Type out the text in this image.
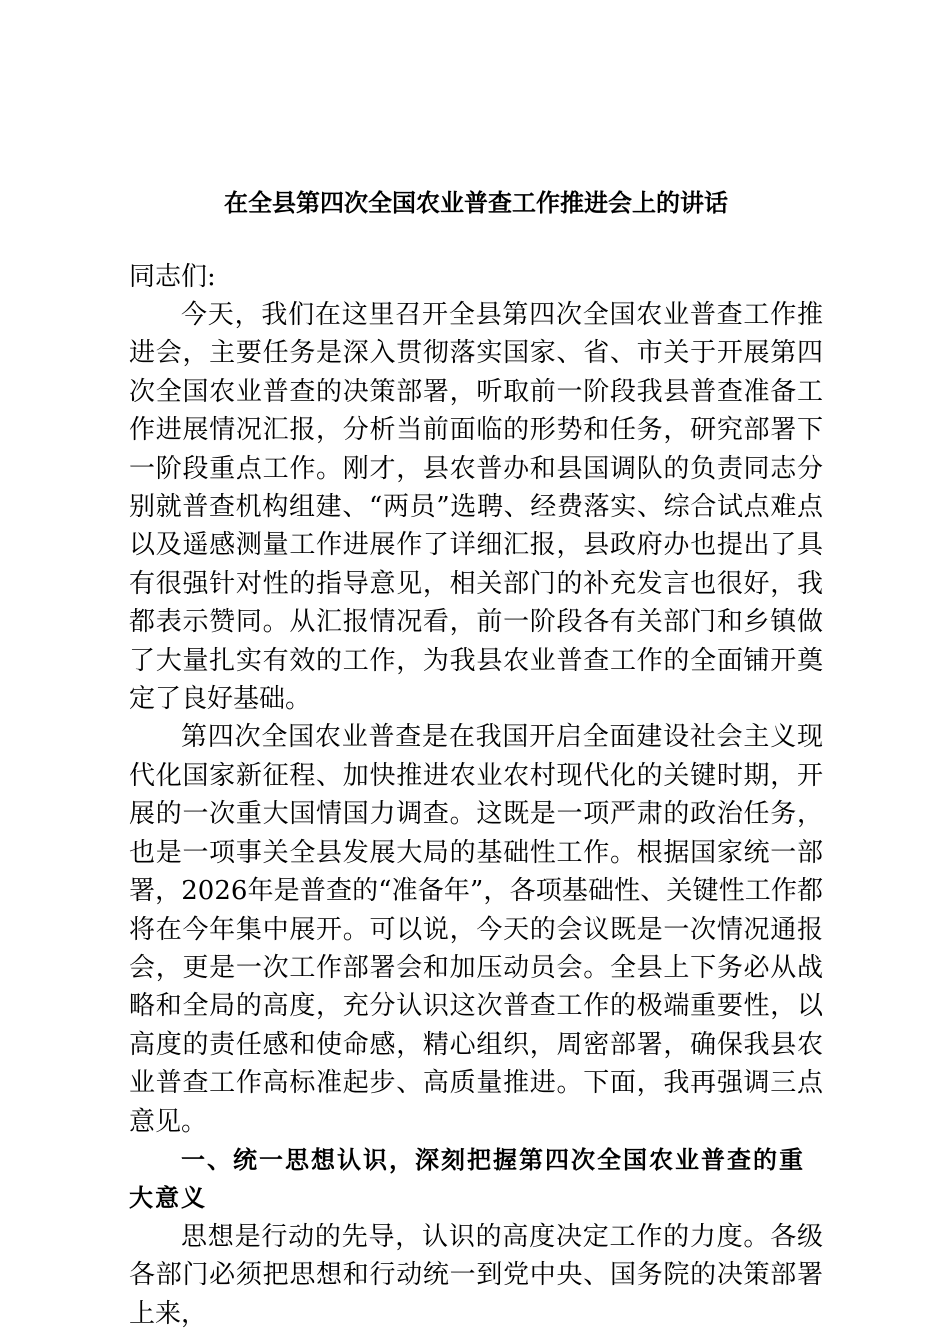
在全县第四次全国农业普查工作推进会上的讲话

同志们:

今天，我们在这里召开全县第四次全国农业普查工作推进会，主要任务是深入贯彻落实国家、省、市关于开展第四次全国农业普查的决策部署，听取前一阶段我县普查准备工作进展情况汇报，分析当前面临的形势和任务，研究部署下一阶段重点工作。刚才，县农普办和县国调队的负责同志分别就普查机构组建、“两员”选聘、经费落实、综合试点难点以及遥感测量工作进展作了详细汇报，县政府办也提出了具有很强针对性的指导意见，相关部门的补充发言也很好，我都表示赞同。从汇报情况看，前一阶段各有关部门和乡镇做了大量扎实有效的工作，为我县农业普查工作的全面铺开奠定了良好基础。

第四次全国农业普查是在我国开启全面建设社会主义现代化国家新征程、加快推进农业农村现代化的关键时期，开展的一次重大国情国力调查。这既是一项严肃的政治任务，也是一项事关全县发展大局的基础性工作。根据国家统一部署，2026年是普查的“准备年”，各项基础性、关键性工作都将在今年集中展开。可以说，今天的会议既是一次情况通报会，更是一次工作部署会和加压动员会。全县上下务必从战略和全局的高度，充分认识这次普查工作的极端重要性，以高度的责任感和使命感，精心组织，周密部署，确保我县农业普查工作高标准起步、高质量推进。下面，我再强调三点意见。

一、统一思想认识，深刻把握第四次全国农业普查的重大意义

思想是行动的先导，认识的高度决定工作的力度。各级各部门必须把思想和行动统一到党中央、国务院的决策部署上来，
